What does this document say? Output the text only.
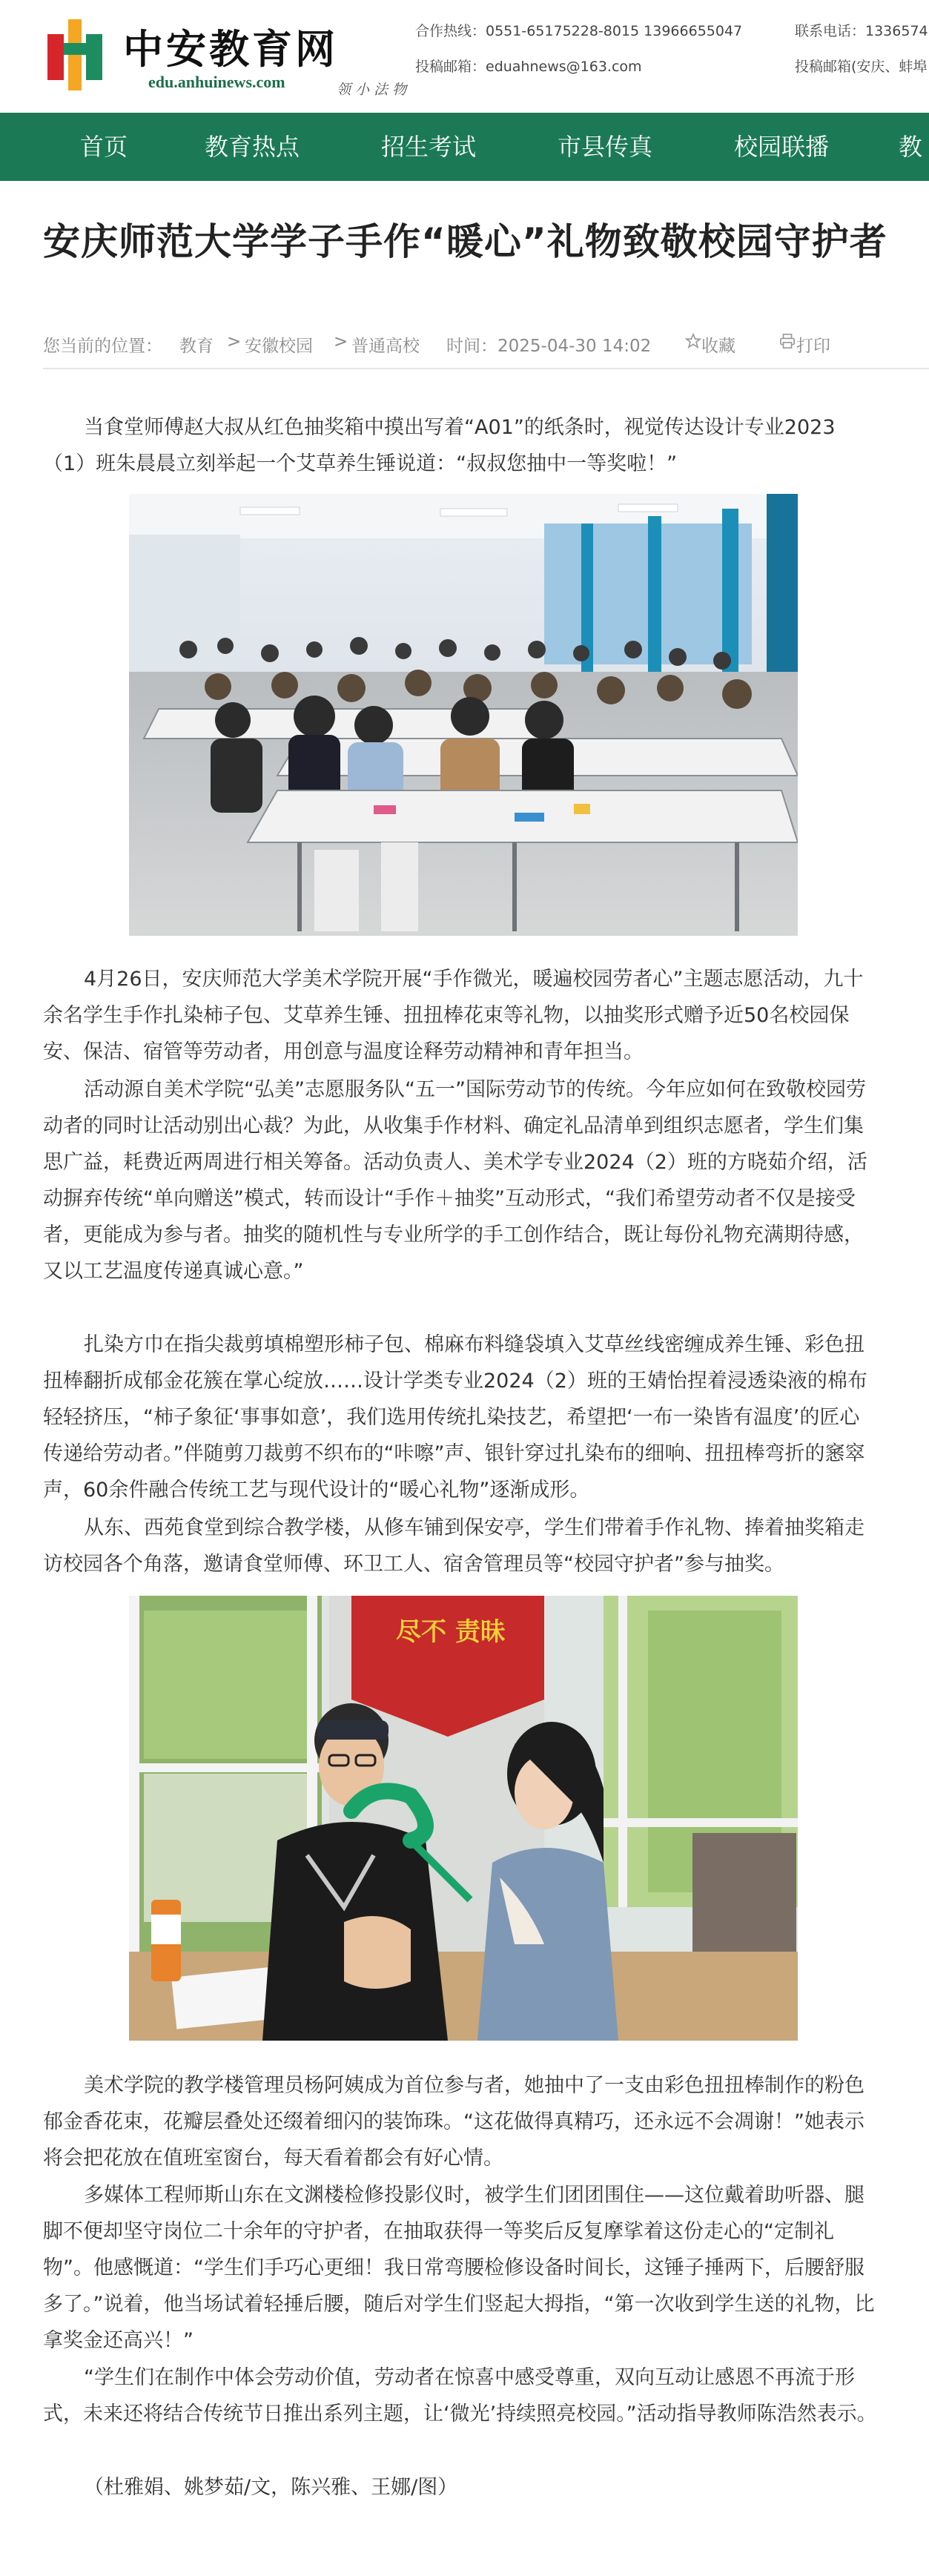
中安教育网
edu.anhuinews.com	领 小 法 物
合作热线：0551-65175228-8015 13966655047
投稿邮箱：eduahnews@163.com
联系电话：1336574
投稿邮箱(安庆、蚌埠
首页	教育热点	招生考试	市县传真	校园联播	教
安庆师范大学学子手作“暖心”礼物致敬校园守护者
您当前的位置： 教育 > 安徽校园 > 普通高校 时间：2025-04-30 14:02	收藏	打印

当食堂师傅赵大叔从红色抽奖箱中摸出写着“A01”的纸条时，视觉传达设计专业2023（1）班朱晨晨立刻举起一个艾草养生锤说道：“叔叔您抽中一等奖啦！”

4月26日，安庆师范大学美术学院开展“手作微光，暖遍校园劳者心”主题志愿活动，九十余名学生手作扎染柿子包、艾草养生锤、扭扭棒花束等礼物，以抽奖形式赠予近50名校园保安、保洁、宿管等劳动者，用创意与温度诠释劳动精神和青年担当。

活动源自美术学院“弘美”志愿服务队“五一”国际劳动节的传统。今年应如何在致敬校园劳动者的同时让活动别出心裁？为此，从收集手作材料、确定礼品清单到组织志愿者，学生们集思广益，耗费近两周进行相关筹备。活动负责人、美术学专业2024（2）班的方晓茹介绍，活动摒弃传统“单向赠送”模式，转而设计“手作＋抽奖”互动形式，“我们希望劳动者不仅是接受者，更能成为参与者。抽奖的随机性与专业所学的手工创作结合，既让每份礼物充满期待感，又以工艺温度传递真诚心意。”

扎染方巾在指尖裁剪填棉塑形柿子包、棉麻布料缝袋填入艾草丝线密缠成养生锤、彩色扭扭棒翻折成郁金花簇在掌心绽放……设计学类专业2024（2）班的王婧怡捏着浸透染液的棉布轻轻挤压，“柿子象征‘事事如意’，我们选用传统扎染技艺，希望把‘一布一染皆有温度’的匠心传递给劳动者。”伴随剪刀裁剪不织布的“咔嚓”声、银针穿过扎染布的细响、扭扭棒弯折的窸窣声，60余件融合传统工艺与现代设计的“暖心礼物”逐渐成形。

从东、西苑食堂到综合教学楼，从修车铺到保安亭，学生们带着手作礼物、捧着抽奖箱走访校园各个角落，邀请食堂师傅、环卫工人、宿舍管理员等“校园守护者”参与抽奖。

尽不 责昧

美术学院的教学楼管理员杨阿姨成为首位参与者，她抽中了一支由彩色扭扭棒制作的粉色郁金香花束，花瓣层叠处还缀着细闪的装饰珠。“这花做得真精巧，还永远不会凋谢！”她表示将会把花放在值班室窗台，每天看着都会有好心情。

多媒体工程师斯山东在文渊楼检修投影仪时，被学生们团团围住——这位戴着助听器、腿脚不便却坚守岗位二十余年的守护者，在抽取获得一等奖后反复摩挲着这份走心的“定制礼物”。他感慨道：“学生们手巧心更细！我日常弯腰检修设备时间长，这锤子捶两下，后腰舒服多了。”说着，他当场试着轻捶后腰，随后对学生们竖起大拇指，“第一次收到学生送的礼物，比拿奖金还高兴！”

“学生们在制作中体会劳动价值，劳动者在惊喜中感受尊重，双向互动让感恩不再流于形式，未来还将结合传统节日推出系列主题，让‘微光’持续照亮校园。”活动指导教师陈浩然表示。

（杜雅娟、姚梦茹/文，陈兴雅、王娜/图）
